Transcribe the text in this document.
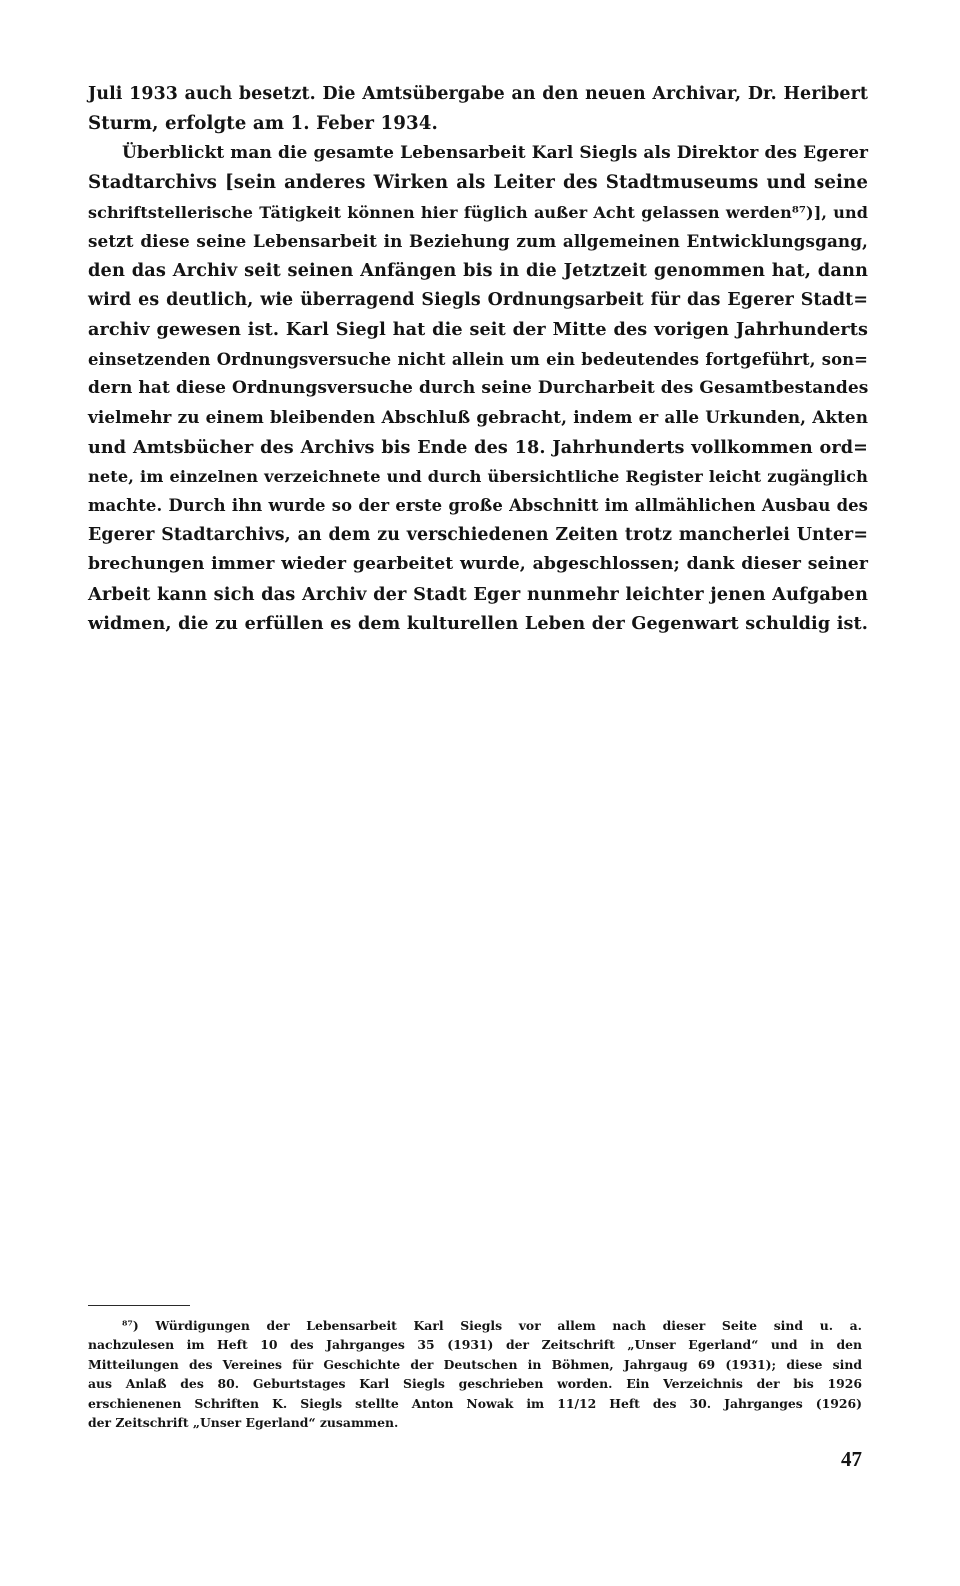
Juli 1933 auch besetzt. Die Amtsübergabe an den neuen Archivar, Dr. Heribert
Sturm, erfolgte am 1. Feber 1934.
Überblickt man die gesamte Lebensarbeit Karl Siegls als Direktor des Egerer
Stadtarchivs [sein anderes Wirken als Leiter des Stadtmuseums und seine
schriftstellerische Tätigkeit können hier füglich außer Acht gelassen werden⁸⁷)], und
setzt diese seine Lebensarbeit in Beziehung zum allgemeinen Entwicklungsgang,
den das Archiv seit seinen Anfängen bis in die Jetztzeit genommen hat, dann
wird es deutlich, wie überragend Siegls Ordnungsarbeit für das Egerer Stadt=
archiv gewesen ist. Karl Siegl hat die seit der Mitte des vorigen Jahrhunderts
einsetzenden Ordnungsversuche nicht allein um ein bedeutendes fortgeführt, son=
dern hat diese Ordnungsversuche durch seine Durcharbeit des Gesamtbestandes
vielmehr zu einem bleibenden Abschluß gebracht, indem er alle Urkunden, Akten
und Amtsbücher des Archivs bis Ende des 18. Jahrhunderts vollkommen ord=
nete, im einzelnen verzeichnete und durch übersichtliche Register leicht zugänglich
machte. Durch ihn wurde so der erste große Abschnitt im allmählichen Ausbau des
Egerer Stadtarchivs, an dem zu verschiedenen Zeiten trotz mancherlei Unter=
brechungen immer wieder gearbeitet wurde, abgeschlossen; dank dieser seiner
Arbeit kann sich das Archiv der Stadt Eger nunmehr leichter jenen Aufgaben
widmen, die zu erfüllen es dem kulturellen Leben der Gegenwart schuldig ist.
⁸⁷) Würdigungen der Lebensarbeit Karl Siegls vor allem nach dieser Seite sind u. a.
nachzulesen im Heft 10 des Jahrganges 35 (1931) der Zeitschrift „Unser Egerland“ und in den
Mitteilungen des Vereines für Geschichte der Deutschen in Böhmen, Jahrgaug 69 (1931); diese sind
aus Anlaß des 80. Geburtstages Karl Siegls geschrieben worden. Ein Verzeichnis der bis 1926
erschienenen Schriften K. Siegls stellte Anton Nowak im 11/12 Heft des 30. Jahrganges (1926)
der Zeitschrift „Unser Egerland“ zusammen.
47
